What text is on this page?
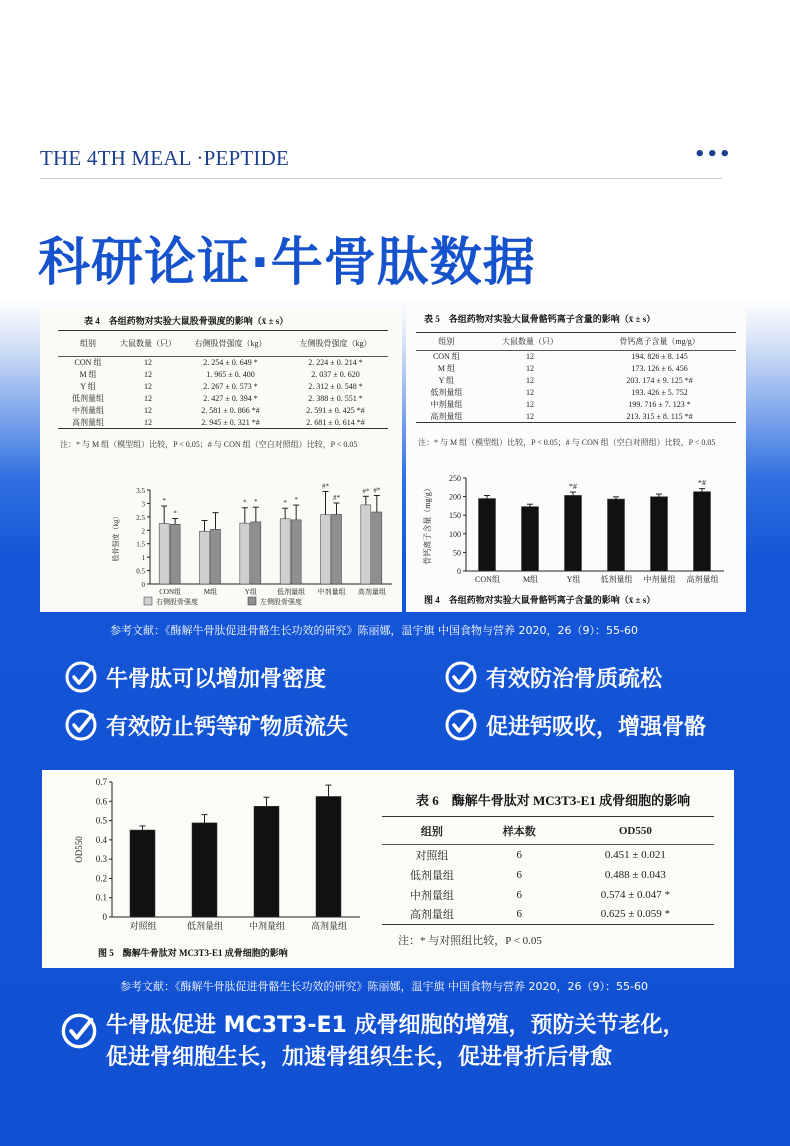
THE 4TH MEAL ·PEPTIDE	•••
科研论证·牛骨肽数据
表 4　各组药物对实验大鼠股骨强度的影响（x̄ ± s）
组别	大鼠数量（只）	右侧股骨强度（kg）	左侧股骨强度（kg）
CON 组	12	2. 254 ± 0. 649 *	2. 224 ± 0. 214 *
M 组	12	1. 965 ± 0. 400	2. 037 ± 0. 620
Y 组	12	2. 267 ± 0. 573 *	2. 312 ± 0. 548 *
低剂量组	12	2. 427 ± 0. 394 *	2. 388 ± 0. 551 *
中剂量组	12	2. 581 ± 0. 866 *#	2. 591 ± 0. 425 *#
高剂量组	12	2. 945 ± 0. 321 *#	2. 681 ± 0. 614 *#
注：* 与 M 组（模型组）比较，P < 0.05；# 与 CON 组（空白对照组）比较，P < 0.05
0
0.5
1
1.5
2
2.5
3
3.5
股骨强度（kg）
*
*
CON组	M组
* *
Y组
* *
低剂量组
#*
#*
中剂量组
#* #*
高剂量组
右侧股骨强度	左侧股骨强度
表 5　各组药物对实验大鼠骨骼钙离子含量的影响（x̄ ± s）
组别	大鼠数量（只）	骨钙离子含量（mg/g）
CON 组	12	194. 826 ± 8. 145
M 组	12	173. 126 ± 6. 456
Y 组	12	203. 174 ± 9. 125 *#
低剂量组	12	193. 426 ± 5. 752
中剂量组	12	199. 716 ± 7. 123 *
高剂量组	12	213. 315 ± 8. 115 *#
注：* 与 M 组（模型组）比较，P < 0.05；# 与 CON 组（空白对照组）比较，P < 0.05
0
50
100
150
200
250
骨钙离子含量（mg/g）
CON组	M组
*#
Y组	低剂量组 中剂量组
*#
高剂量组
图 4　各组药物对实验大鼠骨骼钙离子含量的影响（x̄ ± s）
参考文献：《酶解牛骨肽促进骨骼生长功效的研究》陈丽娜，温宇旗 中国食物与营养 2020，26（9）：55-60
牛骨肽可以增加骨密度	有效防治骨质疏松
有效防止钙等矿物质流失	促进钙吸收，增强骨骼
0
0.1
0.2
0.3
0.4
0.5
0.6
0.7
OD550
对照组	低剂量组	中剂量组	高剂量组
图 5　酶解牛骨肽对 MC3T3-E1 成骨细胞的影响
表 6　酶解牛骨肽对 MC3T3-E1 成骨细胞的影响
组别	样本数	OD550
对照组	6	0.451 ± 0.021
低剂量组	6	0.488 ± 0.043
中剂量组	6	0.574 ± 0.047 *
高剂量组	6	0.625 ± 0.059 *
注：* 与对照组比较，P < 0.05
参考文献：《酶解牛骨肽促进骨骼生长功效的研究》陈丽娜，温宇旗 中国食物与营养 2020，26（9）：55-60
牛骨肽促进 MC3T3-E1 成骨细胞的增殖，预防关节老化，
促进骨细胞生长，加速骨组织生长，促进骨折后骨愈
